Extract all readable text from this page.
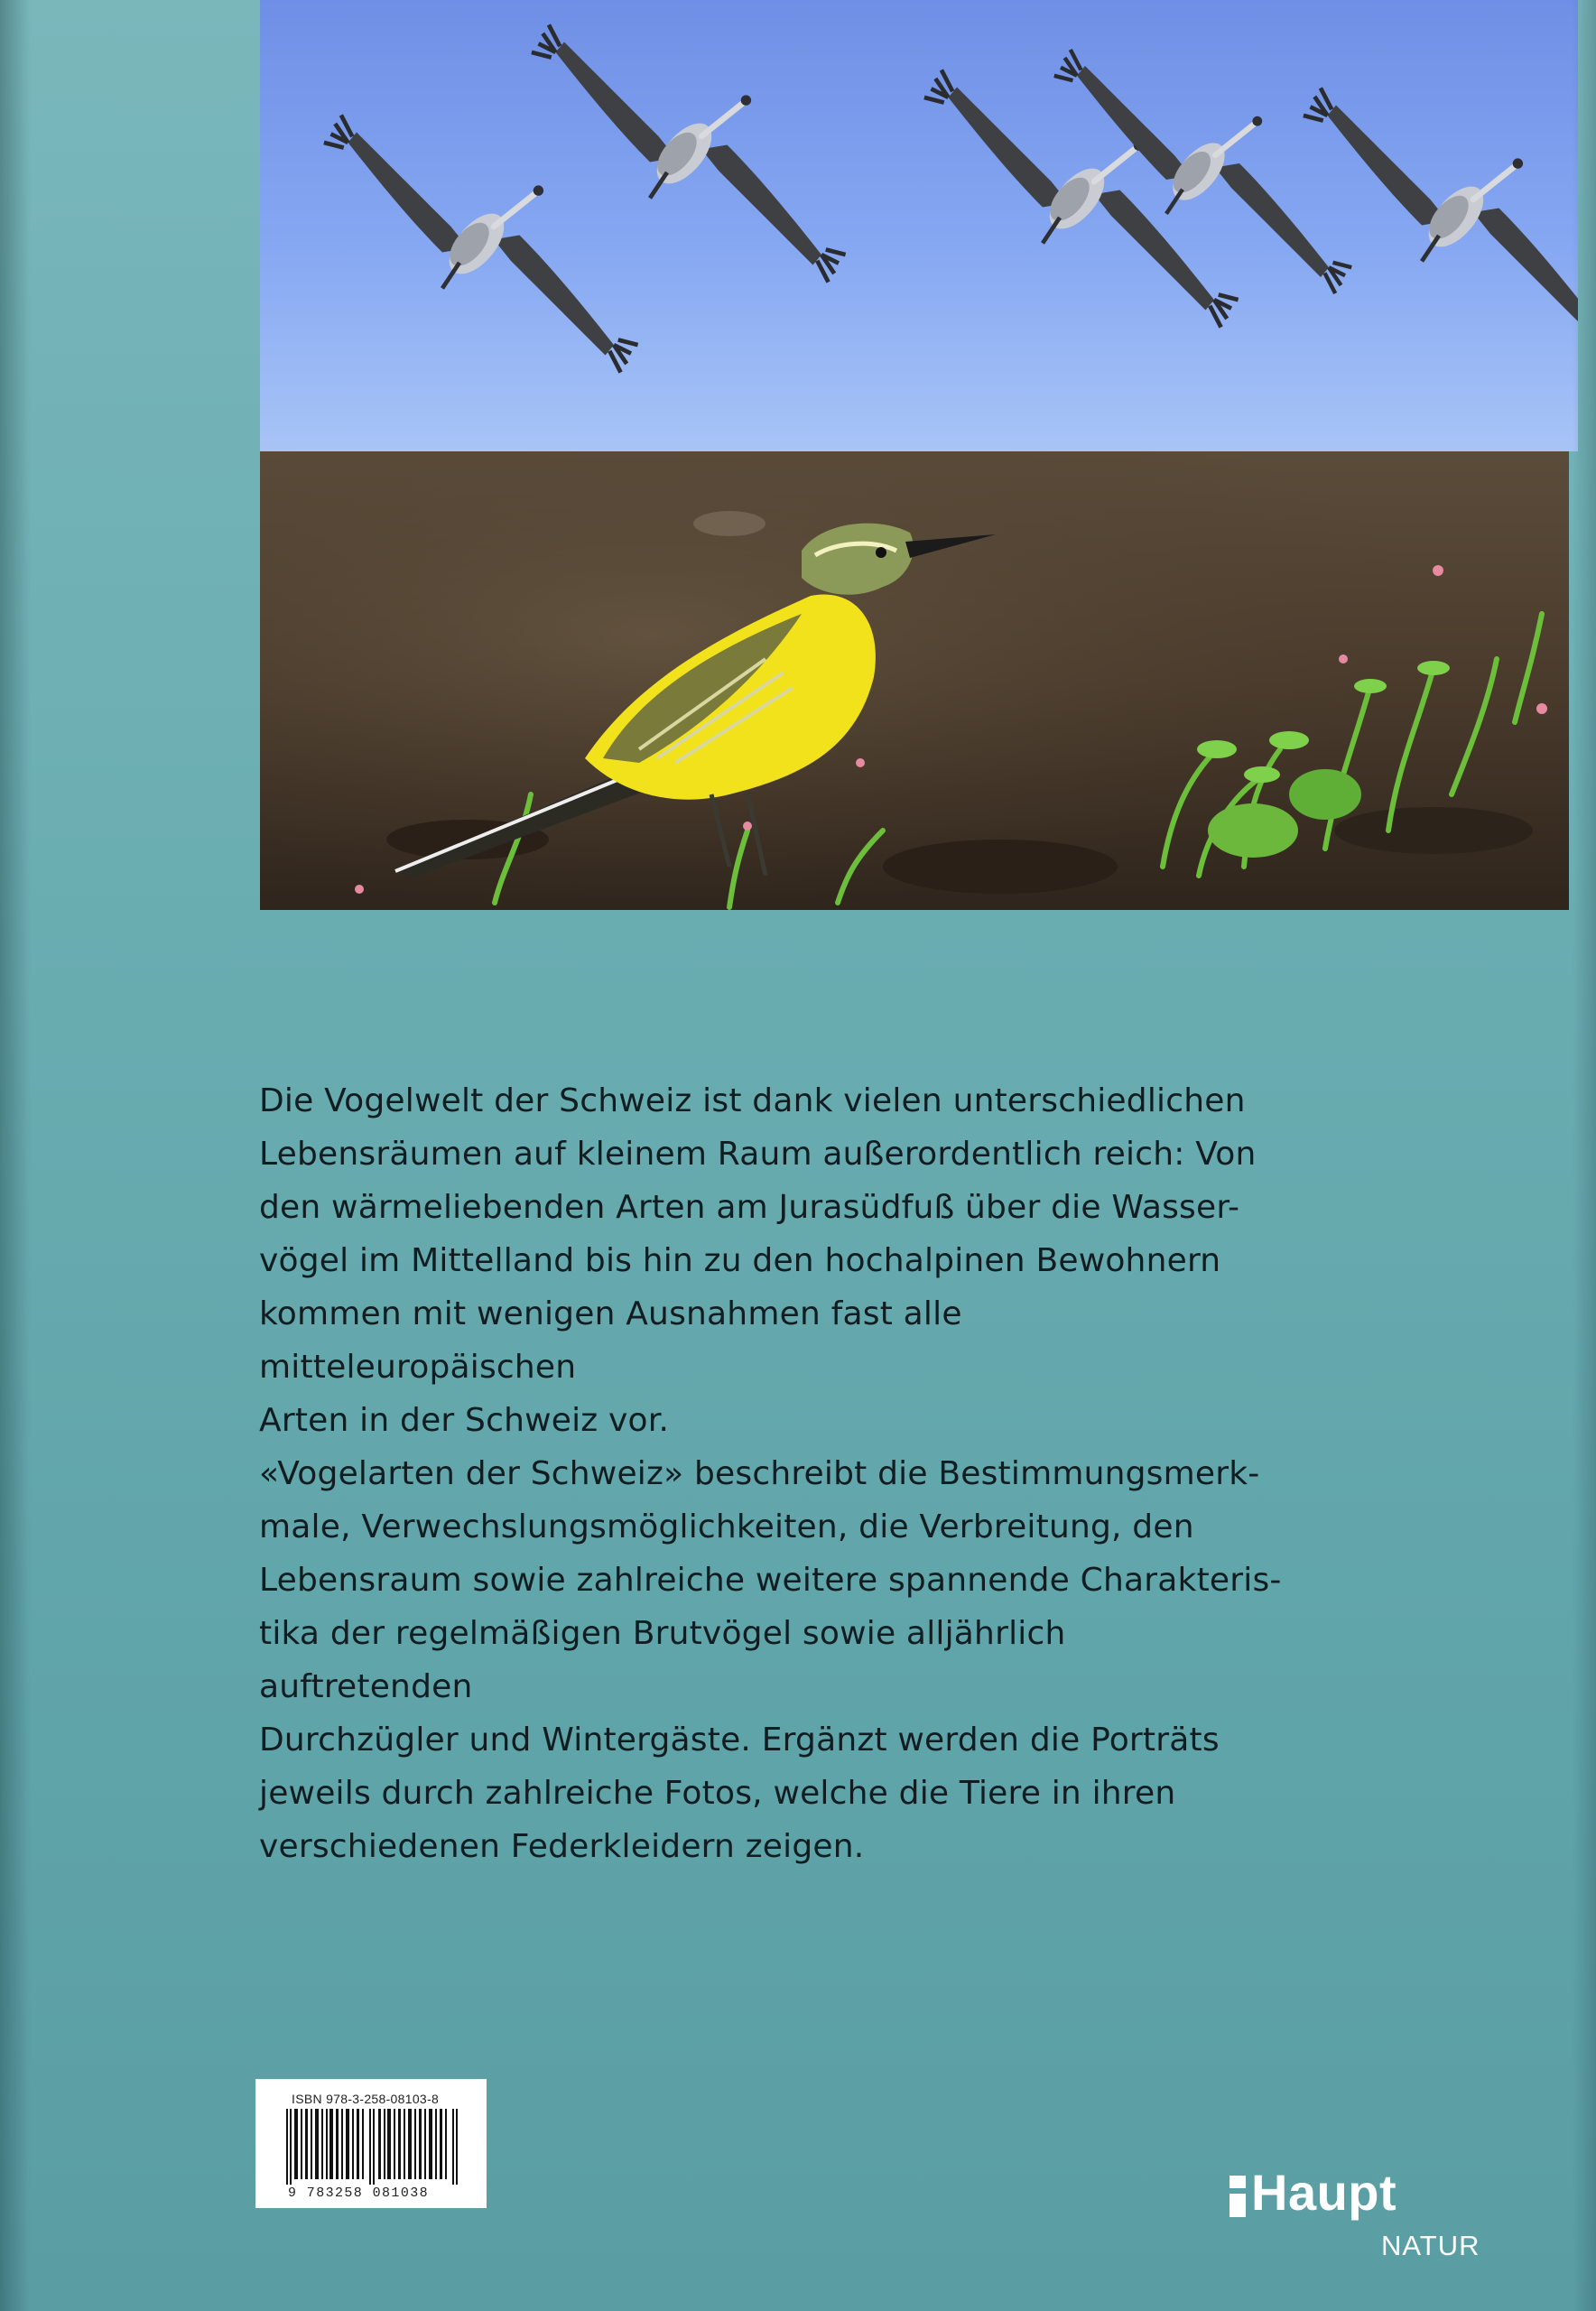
Die Vogelwelt der Schweiz ist dank vielen unterschiedlichen
Lebensräumen auf kleinem Raum außerordentlich reich: Von
den wärmeliebenden Arten am Jurasüdfuß über die Wasser-
vögel im Mittelland bis hin zu den hochalpinen Bewohnern
kommen mit wenigen Ausnahmen fast alle mitteleuropäischen
Arten in der Schweiz vor.

«Vogelarten der Schweiz» beschreibt die Bestimmungsmerk-
male, Verwechslungsmöglichkeiten, die Verbreitung, den
Lebensraum sowie zahlreiche weitere spannende Charakteris-
tika der regelmäßigen Brutvögel sowie alljährlich auftretenden
Durchzügler und Wintergäste. Ergänzt werden die Porträts
jeweils durch zahlreiche Fotos, welche die Tiere in ihren
verschiedenen Federkleidern zeigen.

ISBN 978-3-258-08103-8
9 783258 081038	Haupt
NATUR
